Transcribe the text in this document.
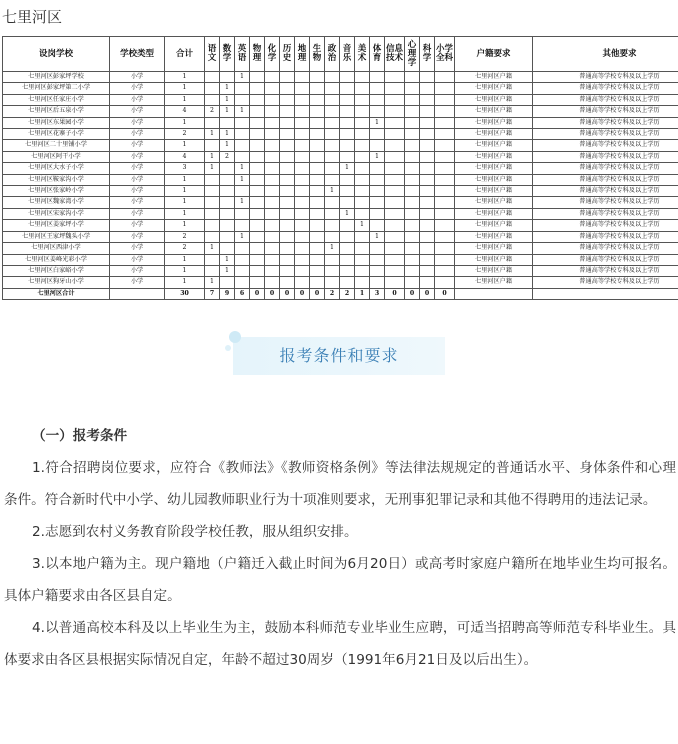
七里河区
设岗学校	学校类型	合计	语文	数学	英语	物理	化学	历史	地理	生物	政治	音乐	美术	体育	信息技术	心理学	科学	小学全科	户籍要求	其他要求
七里河区彭家坪学校	小学	1			1														七里河区户籍	普通高等学校专科及以上学历
七里河区彭家坪第二小学	小学	1		1															七里河区户籍	普通高等学校专科及以上学历
七里河区任家庄小学	小学	1		1															七里河区户籍	普通高等学校专科及以上学历
七里河区后五泉小学	小学	4	2	1	1														七里河区户籍	普通高等学校专科及以上学历
七里河区东果园小学	小学	1												1					七里河区户籍	普通高等学校专科及以上学历
七里河区花寨子小学	小学	2	1	1															七里河区户籍	普通高等学校专科及以上学历
七里河区二十里铺小学	小学	1		1															七里河区户籍	普通高等学校专科及以上学历
七里河区阿干小学	小学	4	1	2										1					七里河区户籍	普通高等学校专科及以上学历
七里河区大水子小学	小学	3	1		1							1							七里河区户籍	普通高等学校专科及以上学历
七里河区鞍家沟小学	小学	1			1														七里河区户籍	普通高等学校专科及以上学历
七里河区张家岭小学	小学	1									1								七里河区户籍	普通高等学校专科及以上学历
七里河区魏家湾小学	小学	1			1														七里河区户籍	普通高等学校专科及以上学历
七里河区宋家沟小学	小学	1										1							七里河区户籍	普通高等学校专科及以上学历
七里河区姜家坪小学	小学	1											1						七里河区户籍	普通高等学校专科及以上学历
七里河区王家坪魏头小学	小学	2			1									1					七里河区户籍	普通高等学校专科及以上学历
七里河区西津小学	小学	2	1								1								七里河区户籍	普通高等学校专科及以上学历
七里河区姜峰光彩小学	小学	1		1															七里河区户籍	普通高等学校专科及以上学历
七里河区白家峪小学	小学	1		1															七里河区户籍	普通高等学校专科及以上学历
七里河区狗牙山小学	小学	1	1																七里河区户籍	普通高等学校专科及以上学历
七里河区合计		30	7	9	6	0	0	0	0	0	2	2	1	3	0	0	0	0		
报考条件和要求

（一）报考条件

1.符合招聘岗位要求，应符合《教师法》《教师资格条例》等法律法规规定的普通话水平、身体条件和心理条件。符合新时代中小学、幼儿园教师职业行为十项准则要求，无刑事犯罪记录和其他不得聘用的违法记录。

2.志愿到农村义务教育阶段学校任教，服从组织安排。

3.以本地户籍为主。现户籍地（户籍迁入截止时间为6月20日）或高考时家庭户籍所在地毕业生均可报名。具体户籍要求由各区县自定。

4.以普通高校本科及以上毕业生为主，鼓励本科师范专业毕业生应聘，可适当招聘高等师范专科毕业生。具体要求由各区县根据实际情况自定，年龄不超过30周岁（1991年6月21日及以后出生）。
